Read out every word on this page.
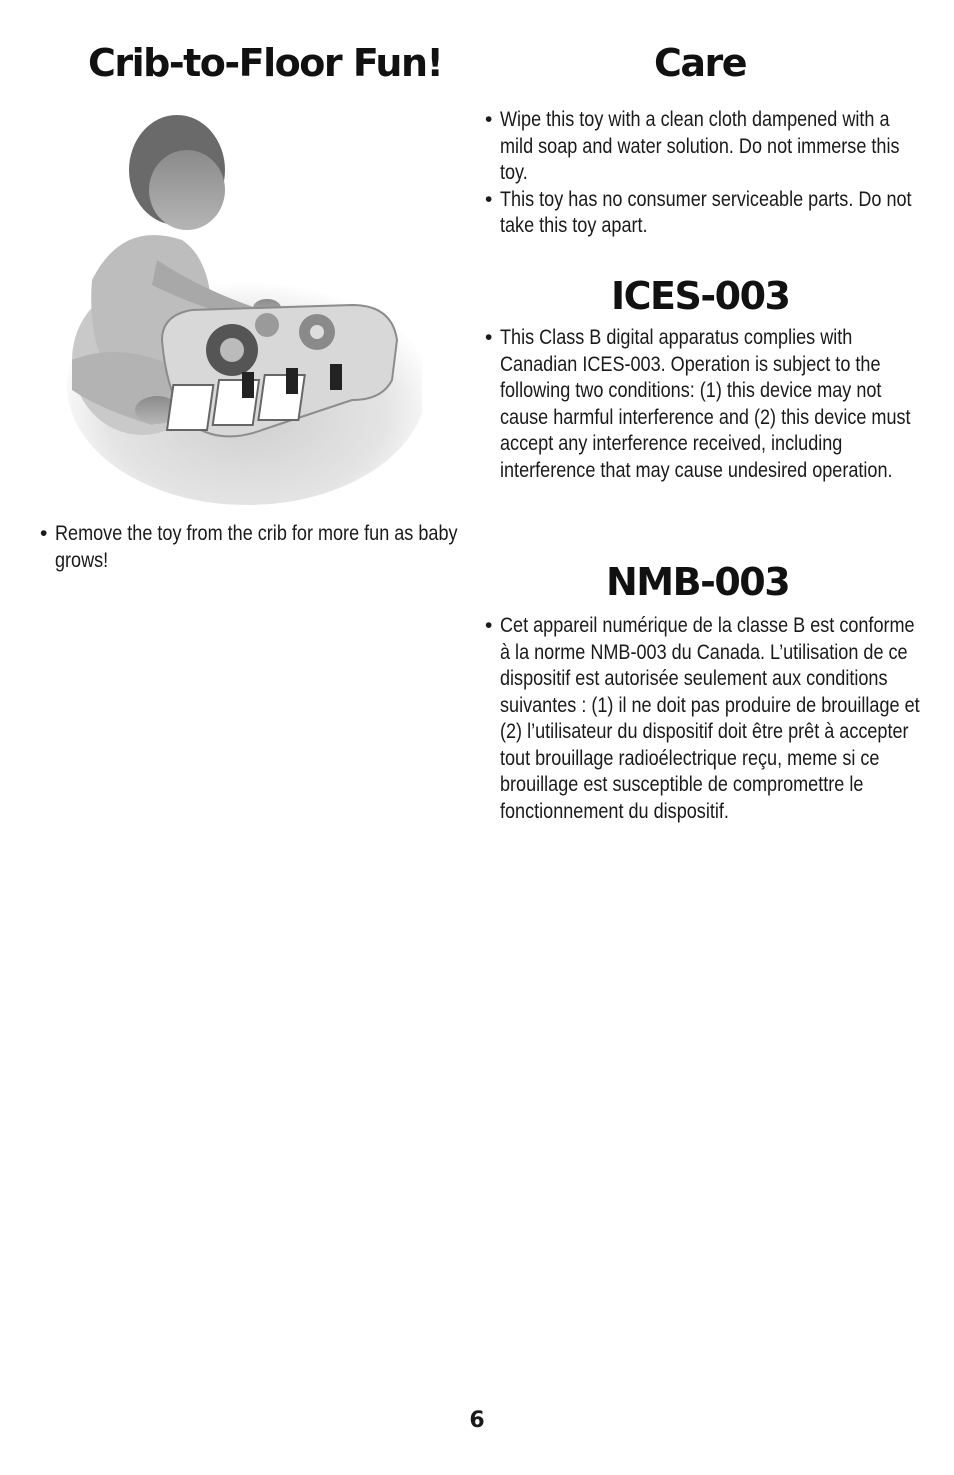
Crib-to-Floor Fun!
• Remove the toy from the crib for more fun as baby grows!
Care
• Wipe this toy with a clean cloth dampened with a mild soap and water solution. Do not immerse this toy.
• This toy has no consumer serviceable parts. Do not take this toy apart.
ICES-003
• This Class B digital apparatus complies with Canadian ICES-003. Operation is subject to the following two conditions: (1) this device may not cause harmful interference and (2) this device must accept any interference received, including interference that may cause undesired operation.
NMB-003
• Cet appareil numérique de la classe B est conforme à la norme NMB-003 du Canada. L’utilisation de ce dispositif est autorisée seulement aux conditions suivantes : (1) il ne doit pas produire de brouillage et (2) l’utilisateur du dispositif doit être prêt à accepter tout brouillage radioélectrique reçu, meme si ce brouillage est susceptible de compromettre le fonctionnement du dispositif.
6
